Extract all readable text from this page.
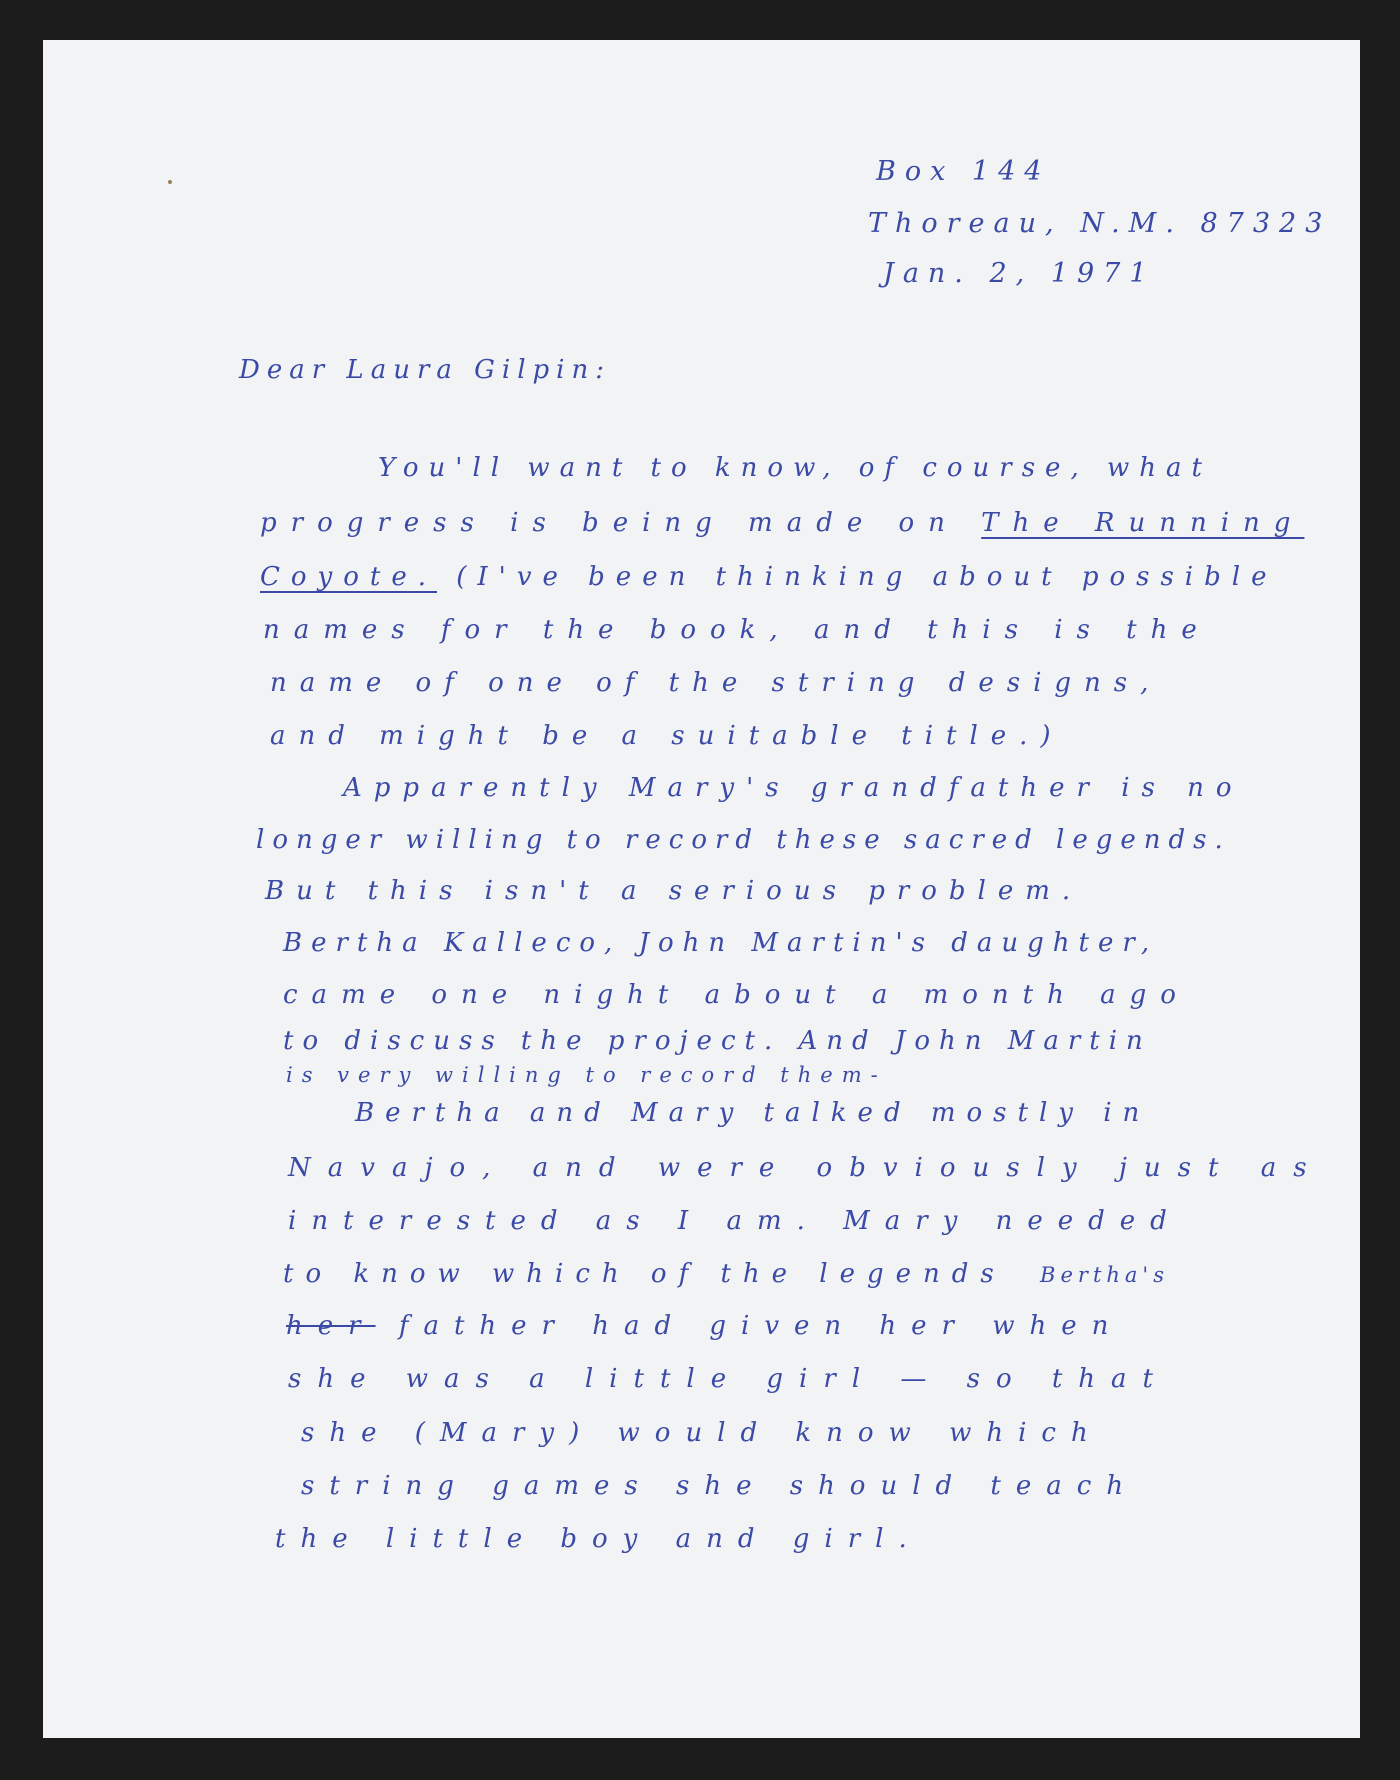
Box 144

Thoreau, N.M. 87323

Jan. 2, 1971

Dear Laura Gilpin:

You'll want to know, of course, what

progress is being made on The Running

Coyote. (I've been thinking about possible

names for the book, and this is the

name of one of the string designs,

and might be a suitable title.)

Apparently Mary's grandfather is no

longer willing to record these sacred legends.

But this isn't a serious problem.

Bertha Kalleco, John Martin's daughter,

came one night about a month ago

to discuss the project. And John Martin

is very willing to record them-

Bertha and Mary talked mostly in

Navajo, and were obviously just as

interested as I am. Mary needed

to know which of the legends Bertha's

her father had given her when

she was a little girl — so that

she (Mary) would know which

string games she should teach

the little boy and girl.
